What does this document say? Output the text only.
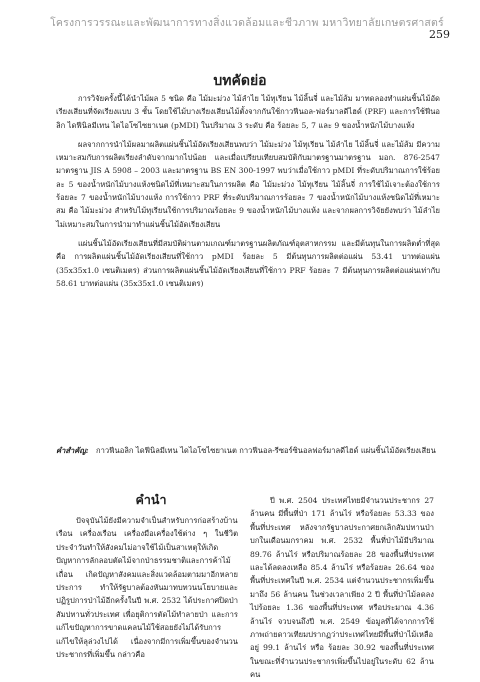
โครงการวรรณะและพัฒนาการทางสิ่งแวดล้อมและชีวภาพ มหาวิทยาลัยเกษตรศาสตร์
259
บทคัดย่อ

การวิจัยครั้งนี้ได้นำไม้ผล 5 ชนิด คือ ไม้มะม่วง ไม้ลำไย ไม้ทุเรียน ไม้ลิ้นจี่ และไม้ส้ม มาทดลองทำแผ่นชิ้นไม้อัดเรียงเสียนที่จัดเรียงแบบ 3 ชั้น โดยใช้ไม้บางเรียงเสียนไม้ตั้งจากกันใช้กาวฟีนอล-ฟอร์มาลดีไฮด์ (PRF) และการใช้ฟีนอลิก ไดฟีนิลมีเทน ไดไอโซไซยาเนต (pMDI) ในปริมาณ 3 ระดับ คือ ร้อยละ 5, 7 และ 9 ของน้ำหนักไม้บางแห้ง

ผลจากการนำไม้ผลมาผลิตแผ่นชิ้นไม้อัดเรียงเสียนพบว่า ไม้มะม่วง ไม้ทุเรียน ไม้ลำไย ไม้ลิ้นจี่ และไม้ส้ม มีความเหมาะสมกับการผลิตเรียงลำดับจากมากไปน้อย และเมื่อเปรียบเทียบสมบัติกับมาตรฐานมาตรฐาน มอก. 876-2547 มาตรฐาน JIS A 5908 – 2003 และมาตรฐาน BS EN 300-1997 พบว่าเมื่อใช้กาว pMDI ที่ระดับปริมาณการใช้ร้อยละ 5 ของน้ำหนักไม้บางแห้งชนิดไม้ที่เหมาะสมในการผลิต คือ ไม้มะม่วง ไม้ทุเรียน ไม้ลิ้นจี่ การใช้ไม้เจาะต้องใช้การร้อยละ 7 ของน้ำหนักไม้บางแห้ง การใช้กาว PRF ที่ระดับปริมาณการร้อยละ 7 ของน้ำหนักไม้บางแห้งชนิดไม้ที่เหมาะสม คือ ไม้มะม่วง สำหรับไม้ทุเรียนใช้การปริมาณร้อยละ 9 ของน้ำหนักไม้บางแห้ง และจากผลการวิจัยยังพบว่า ไม้ลำไยไม่เหมาะสมในการนำมาทำแผ่นชิ้นไม้อัดเรียงเสียน

แผ่นชิ้นไม้อัดเรียงเสียนที่มีสมบัติผ่านตามเกณฑ์มาตรฐานผลิตภัณฑ์อุตสาหกรรม และมีต้นทุนในการผลิตต่ำที่สุด คือ การผลิตแผ่นชิ้นไม้อัดเรียงเสียนที่ใช้กาว pMDI ร้อยละ 5 มีต้นทุนการผลิตต่อแผ่น 53.41 บาทต่อแผ่น (35x35x1.0 เซนติเมตร) ส่วนการผลิตแผ่นชิ้นไม้อัดเรียงเสียนที่ใช้กาว PRF ร้อยละ 7 มีต้นทุนการผลิตต่อแผ่นเท่ากับ 58.61 บาทต่อแผ่น (35x35x1.0 เซนติเมตร)

คำสำคัญ: กาวฟีนอลิก ไดฟีนิลมีเทน ไดไอโซไซยาเนต กาวฟีนอล-รีซอร์ซินอลฟอร์มาลดีไฮด์ แผ่นชิ้นไม้อัดเรียงเสียน
คำนำ

ปัจจุบันไม้ยังมีความจำเป็นสำหรับการก่อสร้างบ้านเรือน เครื่องเรือน เครื่องมือเครื่องใช้ต่าง ๆ ในชีวิตประจำวันทำให้สังคมไม่อาจใช้ไม้เป็นสาเหตุให้เกิดปัญหาการลักลอบตัดไม้จากป่าธรรมชาติและการค้าไม้เถื่อน เกิดปัญหาสังคมและสิ่งแวดล้อมตามมาอีกหลายประการ ทำให้รัฐบาลต้องหันมาทบทวนนโยบายและปฏิรูปการป่าไม้อีกครั้งในปี พ.ศ. 2532 ได้ประกาศปิดป่าสัมปทานทั่วประเทศ เพื่อยุติการตัดไม้ทำลายป่า และการแก้ไขปัญหาการขาดแคลนไม้ใช้สอยยังไม่ได้รับการแก้ไขให้ลุล่วงไปได้ เนื่องจากมีการเพิ่มขึ้นของจำนวนประชากรที่เพิ่มขึ้น กล่าวคือ

ปี พ.ศ. 2504 ประเทศไทยมีจำนวนประชากร 27 ล้านคน มีพื้นที่ป่า 171 ล้านไร่ หรือร้อยละ 53.33 ของพื้นที่ประเทศ หลังจากรัฐบาลประกาศยกเลิกสัมปทานป่าบกในเดือนมกราคม พ.ศ. 2532 พื้นที่ป่าไม้มีปริมาณ 89.76 ล้านไร่ หรือปริมาณร้อยละ 28 ของพื้นที่ประเทศ และได้ลดลงเหลือ 85.4 ล้านไร่ หรือร้อยละ 26.64 ของพื้นที่ประเทศในปี พ.ศ. 2534 แต่จำนวนประชากรเพิ่มขึ้นมาถึง 56 ล้านคน ในช่วงเวลาเพียง 2 ปี พื้นที่ป่าไม้ลดลงไปร้อยละ 1.36 ของพื้นที่ประเทศ หรือประมาณ 4.36 ล้านไร่ จวบจนถึงปี พ.ศ. 2549 ข้อมูลที่ได้จากการใช้ภาพถ่ายดาวเทียมปรากฏว่าประเทศไทยมีพื้นที่ป่าไม้เหลืออยู่ 99.1 ล้านไร่ หรือ ร้อยละ 30.92 ของพื้นที่ประเทศ ในขณะที่จำนวนประชากรเพิ่มขึ้นไปอยู่ในระดับ 62 ล้านคน
